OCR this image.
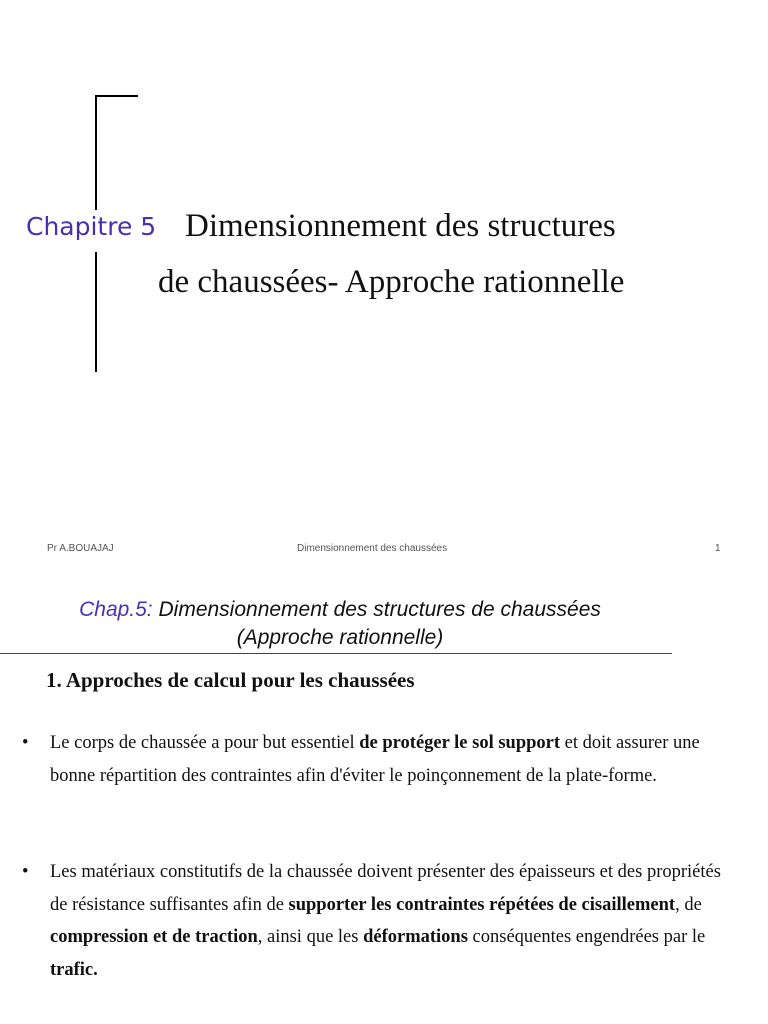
Chapitre 5 Dimensionnement des structures
de chaussées- Approche rationnelle
Pr A.BOUAJAJ	Dimensionnement des chaussées	1
Chap.5: Dimensionnement des structures de chaussées
(Approche rationnelle)
1. Approches de calcul pour les chaussées
• Le corps de chaussée a pour but essentiel de protéger le sol support et doit assurer une bonne répartition des contraintes afin d'éviter le poinçonnement de la plate-forme.
• Les matériaux constitutifs de la chaussée doivent présenter des épaisseurs et des propriétés de résistance suffisantes afin de supporter les contraintes répétées de cisaillement, de compression et de traction, ainsi que les déformations conséquentes engendrées par le trafic.
